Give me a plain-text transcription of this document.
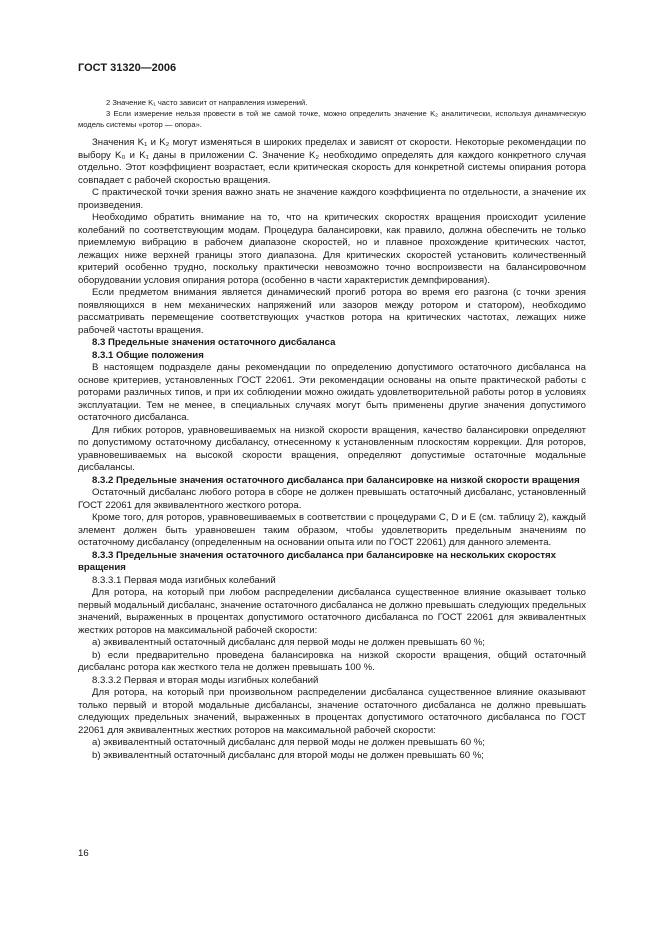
ГОСТ 31320—2006

2 Значение K₁ часто зависит от направления измерений.

3 Если измерение нельзя провести в той же самой точке, можно определить значение K₂ аналитически, используя динамическую модель системы «ротор — опора».

Значения K₁ и K₂ могут изменяться в широких пределах и зависят от скорости. Некоторые рекомендации по выбору K₀ и K₁ даны в приложении С. Значение K₂ необходимо определять для каждого конкретного случая отдельно. Этот коэффициент возрастает, если критическая скорость для конкретной системы опирания ротора совпадает с рабочей скоростью вращения.

С практической точки зрения важно знать не значение каждого коэффициента по отдельности, а значение их произведения.

Необходимо обратить внимание на то, что на критических скоростях вращения происходит усиление колебаний по соответствующим модам. Процедура балансировки, как правило, должна обеспечить не только приемлемую вибрацию в рабочем диапазоне скоростей, но и плавное прохождение критических частот, лежащих ниже верхней границы этого диапазона. Для критических скоростей установить количественный критерий особенно трудно, поскольку практически невозможно точно воспроизвести на балансировочном оборудовании условия опирания ротора (особенно в части характеристик демпфирования).

Если предметом внимания является динамический прогиб ротора во время его разгона (с точки зрения появляющихся в нем механических напряжений или зазоров между ротором и статором), необходимо рассматривать перемещение соответствующих участков ротора на критических частотах, лежащих ниже рабочей частоты вращения.

8.3 Предельные значения остаточного дисбаланса

8.3.1 Общие положения

В настоящем подразделе даны рекомендации по определению допустимого остаточного дисбаланса на основе критериев, установленных ГОСТ 22061. Эти рекомендации основаны на опыте практической работы с роторами различных типов, и при их соблюдении можно ожидать удовлетворительной работы ротор в условиях эксплуатации. Тем не менее, в специальных случаях могут быть применены другие значения допустимого остаточного дисбаланса.

Для гибких роторов, уравновешиваемых на низкой скорости вращения, качество балансировки определяют по допустимому остаточному дисбалансу, отнесенному к установленным плоскостям коррекции. Для роторов, уравновешиваемых на высокой скорости вращения, определяют допустимые остаточные модальные дисбалансы.

8.3.2 Предельные значения остаточного дисбаланса при балансировке на низкой скорости вращения

Остаточный дисбаланс любого ротора в сборе не должен превышать остаточный дисбаланс, установленный ГОСТ 22061 для эквивалентного жесткого ротора.

Кроме того, для роторов, уравновешиваемых в соответствии с процедурами С, D и Е (см. таблицу 2), каждый элемент должен быть уравновешен таким образом, чтобы удовлетворить предельным значениям по остаточному дисбалансу (определенным на основании опыта или по ГОСТ 22061) для данного элемента.

8.3.3 Предельные значения остаточного дисбаланса при балансировке на нескольких скоростях вращения

8.3.3.1 Первая мода изгибных колебаний

Для ротора, на который при любом распределении дисбаланса существенное влияние оказывает только первый модальный дисбаланс, значение остаточного дисбаланса не должно превышать следующих предельных значений, выраженных в процентах допустимого остаточного дисбаланса по ГОСТ 22061 для эквивалентных жестких роторов на максимальной рабочей скорости:

а) эквивалентный остаточный дисбаланс для первой моды не должен превышать 60 %;

b) если предварительно проведена балансировка на низкой скорости вращения, общий остаточный дисбаланс ротора как жесткого тела не должен превышать 100 %.

8.3.3.2 Первая и вторая моды изгибных колебаний

Для ротора, на который при произвольном распределении дисбаланса существенное влияние оказывают только первый и второй модальные дисбалансы, значение остаточного дисбаланса не должно превышать следующих предельных значений, выраженных в процентах допустимого остаточного дисбаланса по ГОСТ 22061 для эквивалентных жестких роторов на максимальной рабочей скорости:

а) эквивалентный остаточный дисбаланс для первой моды не должен превышать 60 %;

b) эквивалентный остаточный дисбаланс для второй моды не должен превышать 60 %;

16
